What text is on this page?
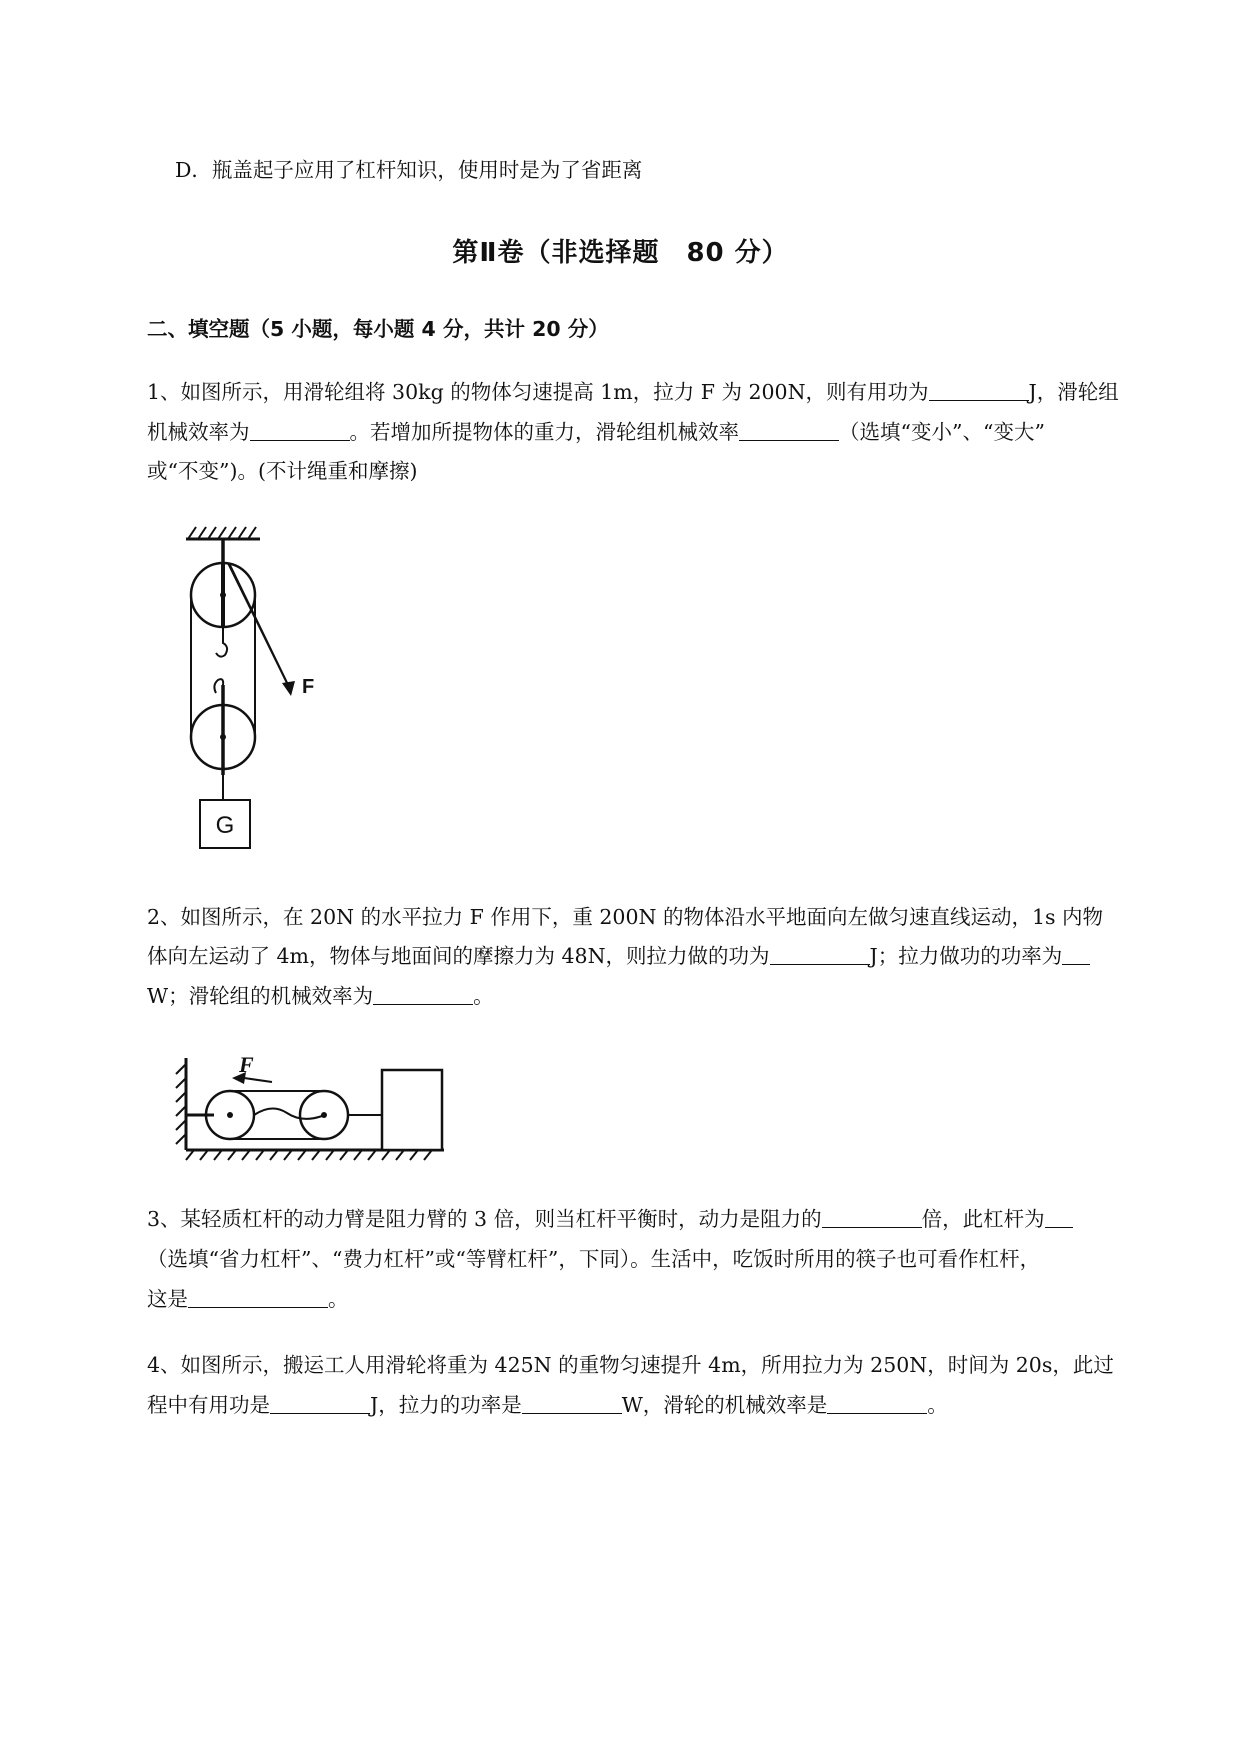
D．瓶盖起子应用了杠杆知识，使用时是为了省距离
第Ⅱ卷（非选择题　80 分）
二、填空题（5 小题，每小题 4 分，共计 20 分）
1、如图所示，用滑轮组将 30kg 的物体匀速提高 1m，拉力 F 为 200N，则有用功为	J，滑轮组
机械效率为	。若增加所提物体的重力，滑轮组机械效率	（选填“变小”、“变大”
或“不变”)。(不计绳重和摩擦)
G
F
2、如图所示，在 20N 的水平拉力 F 作用下，重 200N 的物体沿水平地面向左做匀速直线运动，1s 内物
体向左运动了 4m，物体与地面间的摩擦力为 48N，则拉力做的功为	J；拉力做功的功率为
W；滑轮组的机械效率为	。
F
3、某轻质杠杆的动力臂是阻力臂的 3 倍，则当杠杆平衡时，动力是阻力的	倍，此杠杆为
（选填“省力杠杆”、“费力杠杆”或“等臂杠杆”，下同）。生活中，吃饭时所用的筷子也可看作杠杆，
这是	。
4、如图所示，搬运工人用滑轮将重为 425N 的重物匀速提升 4m，所用拉力为 250N，时间为 20s，此过
程中有用功是	J，拉力的功率是	W，滑轮的机械效率是	。
